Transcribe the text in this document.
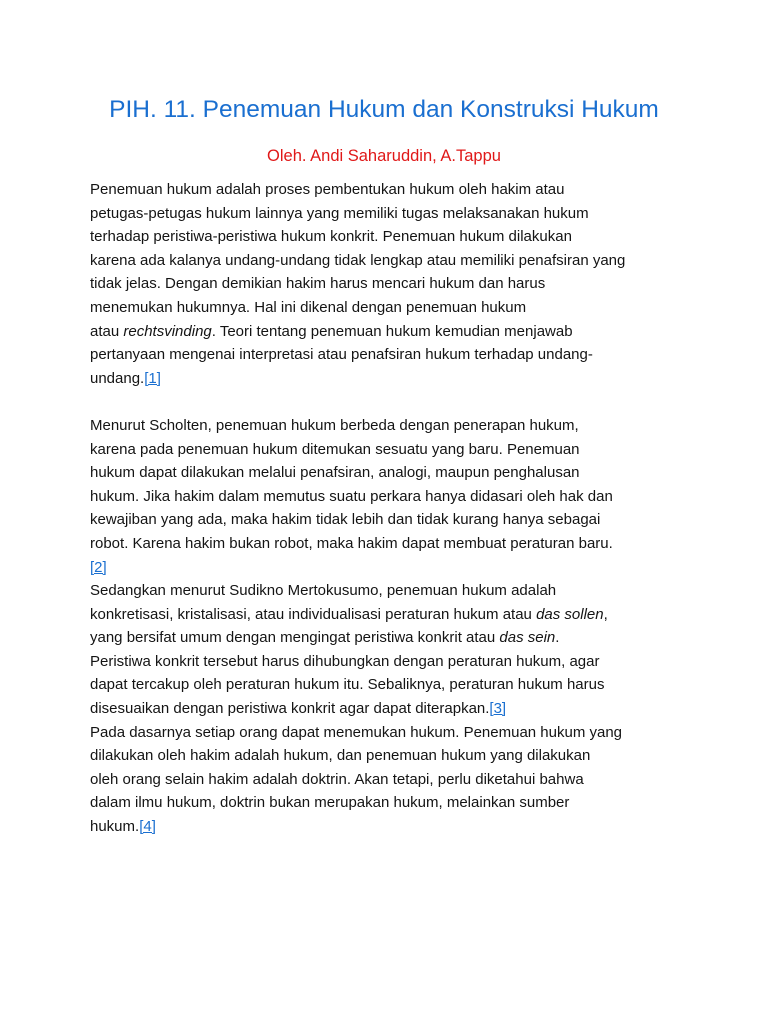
PIH. 11. Penemuan Hukum dan Konstruksi Hukum
Oleh. Andi Saharuddin, A.Tappu

Penemuan hukum adalah proses pembentukan hukum oleh hakim atau
petugas-petugas hukum lainnya yang memiliki tugas melaksanakan hukum
terhadap peristiwa-peristiwa hukum konkrit. Penemuan hukum dilakukan
karena ada kalanya undang-undang tidak lengkap atau memiliki penafsiran yang
tidak jelas. Dengan demikian hakim harus mencari hukum dan harus
menemukan hukumnya. Hal ini dikenal dengan penemuan hukum
atau rechtsvinding. Teori tentang penemuan hukum kemudian menjawab
pertanyaan mengenai interpretasi atau penafsiran hukum terhadap undang-
undang.[1]

Menurut Scholten, penemuan hukum berbeda dengan penerapan hukum,
karena pada penemuan hukum ditemukan sesuatu yang baru. Penemuan
hukum dapat dilakukan melalui penafsiran, analogi, maupun penghalusan
hukum. Jika hakim dalam memutus suatu perkara hanya didasari oleh hak dan
kewajiban yang ada, maka hakim tidak lebih dan tidak kurang hanya sebagai
robot. Karena hakim bukan robot, maka hakim dapat membuat peraturan baru.
[2]

Sedangkan menurut Sudikno Mertokusumo, penemuan hukum adalah
konkretisasi, kristalisasi, atau individualisasi peraturan hukum atau das sollen,
yang bersifat umum dengan mengingat peristiwa konkrit atau das sein.
Peristiwa konkrit tersebut harus dihubungkan dengan peraturan hukum, agar
dapat tercakup oleh peraturan hukum itu. Sebaliknya, peraturan hukum harus
disesuaikan dengan peristiwa konkrit agar dapat diterapkan.[3]

Pada dasarnya setiap orang dapat menemukan hukum. Penemuan hukum yang
dilakukan oleh hakim adalah hukum, dan penemuan hukum yang dilakukan
oleh orang selain hakim adalah doktrin. Akan tetapi, perlu diketahui bahwa
dalam ilmu hukum, doktrin bukan merupakan hukum, melainkan sumber
hukum.[4]
